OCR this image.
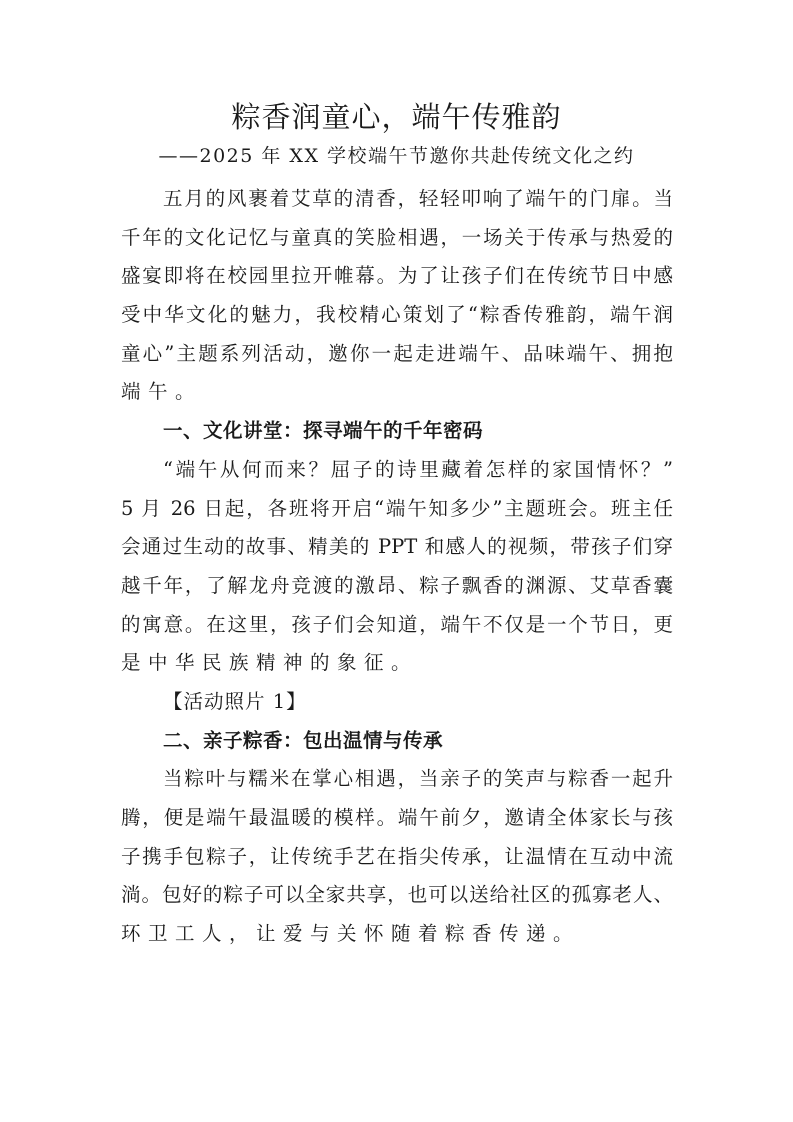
粽香润童心，端午传雅韵
——2025 年 XX 学校端午节邀你共赴传统文化之约
五月的风裹着艾草的清香，轻轻叩响了端午的门扉。当
千年的文化记忆与童真的笑脸相遇，一场关于传承与热爱的
盛宴即将在校园里拉开帷幕。为了让孩子们在传统节日中感
受中华文化的魅力，我校精心策划了“粽香传雅韵，端午润
童心”主题系列活动，邀你一起走进端午、品味端午、拥抱
端午。
一、文化讲堂：探寻端午的千年密码
“端午从何而来？屈子的诗里藏着怎样的家国情怀？”
5 月 26 日起，各班将开启“端午知多少”主题班会。班主任
会通过生动的故事、精美的 PPT 和感人的视频，带孩子们穿
越千年，了解龙舟竞渡的激昂、粽子飘香的渊源、艾草香囊
的寓意。在这里，孩子们会知道，端午不仅是一个节日，更
是中华民族精神的象征。
【活动照片 1】
二、亲子粽香：包出温情与传承
当粽叶与糯米在掌心相遇，当亲子的笑声与粽香一起升
腾，便是端午最温暖的模样。端午前夕，邀请全体家长与孩
子携手包粽子，让传统手艺在指尖传承，让温情在互动中流
淌。包好的粽子可以全家共享，也可以送给社区的孤寡老人、
环卫工人，让爱与关怀随着粽香传递。
